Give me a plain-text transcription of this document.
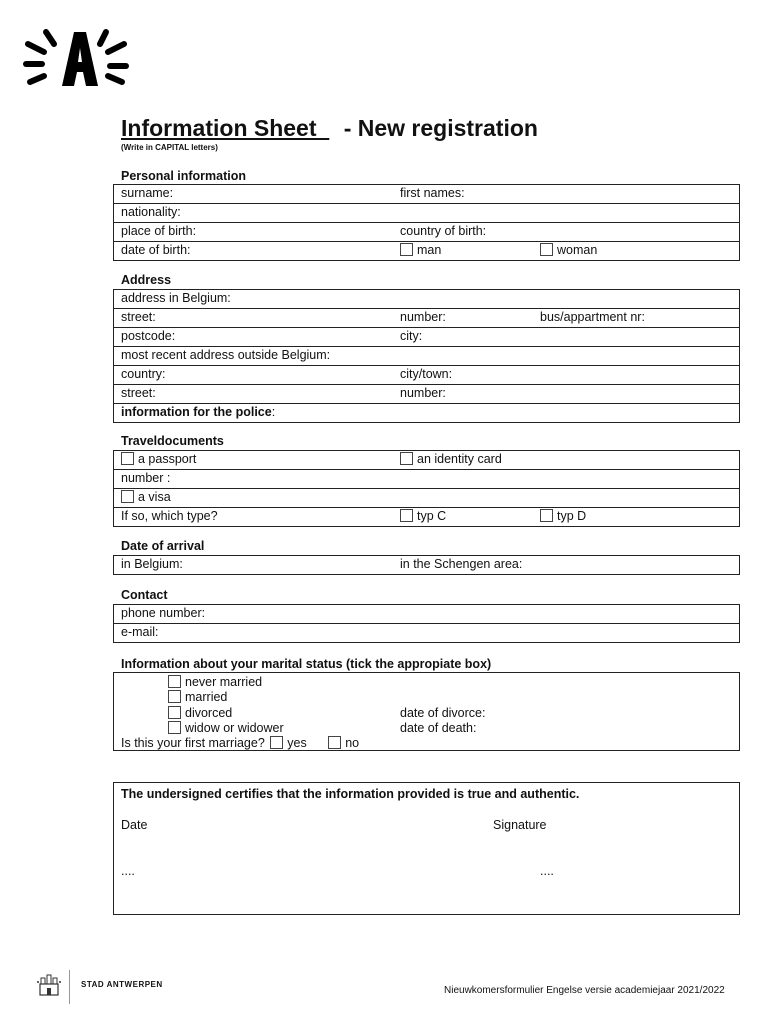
Information Sheet - New registration
(Write in CAPITAL letters)
Personal information
surname:	first names:
nationality:
place of birth:	country of birth:
date of birth:	man	woman
Address
address in Belgium:
street:	number:	bus/appartment nr:
postcode:	city:
most recent address outside Belgium:
country:	city/town:
street:	number:
information for the police:
Traveldocuments
a passport	an identity card
number :
a visa
If so, which type?	typ C	typ D
Date of arrival
in Belgium:	in the Schengen area:
Contact
phone number:
e-mail:
Information about your marital status (tick the appropiate box)
never married
married
divorced	date of divorce:
widow or widower	date of death:
Is this your first marriage? yes	no
The undersigned certifies that the information provided is true and authentic.
Date	Signature
....	....
STAD ANTWERPEN
Nieuwkomersformulier Engelse versie academiejaar 2021/2022
